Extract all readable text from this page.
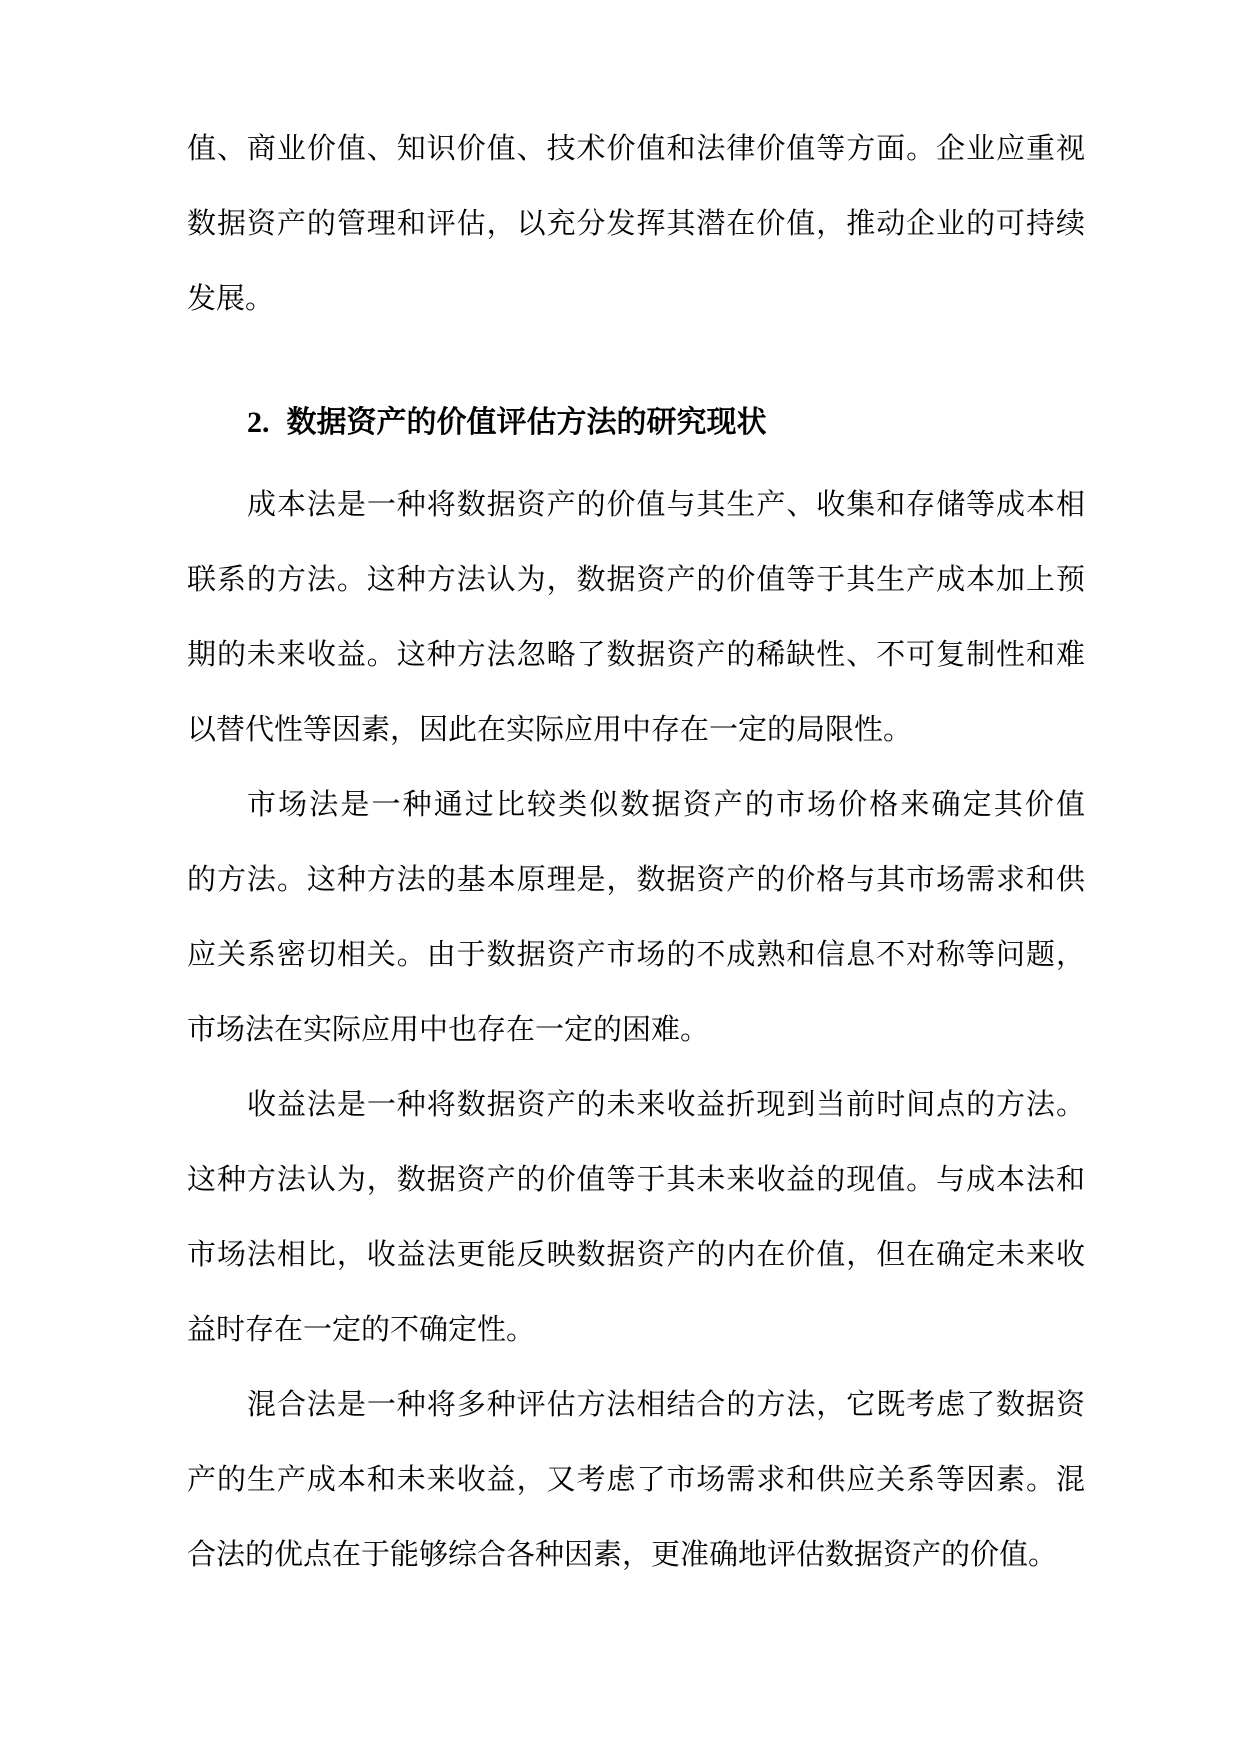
值、商业价值、知识价值、技术价值和法律价值等方面。企业应重视
数据资产的管理和评估，以充分发挥其潜在价值，推动企业的可持续
发展。
2. 数据资产的价值评估方法的研究现状
成本法是一种将数据资产的价值与其生产、收集和存储等成本相
联系的方法。这种方法认为，数据资产的价值等于其生产成本加上预
期的未来收益。这种方法忽略了数据资产的稀缺性、不可复制性和难
以替代性等因素，因此在实际应用中存在一定的局限性。
市场法是一种通过比较类似数据资产的市场价格来确定其价值
的方法。这种方法的基本原理是，数据资产的价格与其市场需求和供
应关系密切相关。由于数据资产市场的不成熟和信息不对称等问题，
市场法在实际应用中也存在一定的困难。
收益法是一种将数据资产的未来收益折现到当前时间点的方法。
这种方法认为，数据资产的价值等于其未来收益的现值。与成本法和
市场法相比，收益法更能反映数据资产的内在价值，但在确定未来收
益时存在一定的不确定性。
混合法是一种将多种评估方法相结合的方法，它既考虑了数据资
产的生产成本和未来收益，又考虑了市场需求和供应关系等因素。混
合法的优点在于能够综合各种因素，更准确地评估数据资产的价值。
